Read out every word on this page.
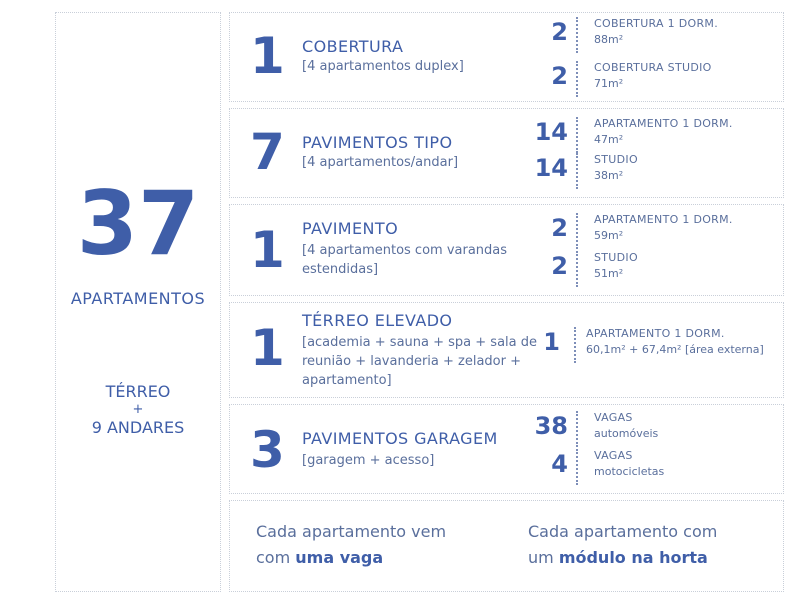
37
APARTAMENTOS
TÉRREO
+
9 ANDARES
1 COBERTURA
[4 apartamentos duplex]
2 COBERTURA 1 DORM.
88m²
2 COBERTURA STUDIO
71m²
7 PAVIMENTOS TIPO
[4 apartamentos/andar]
14 APARTAMENTO 1 DORM.
47m²
14 STUDIO
38m²
1 PAVIMENTO
[4 apartamentos com varandas estendidas]
2 APARTAMENTO 1 DORM.
59m²
2 STUDIO
51m²
1 TÉRREO ELEVADO
[academia + sauna + spa + sala de reunião + lavanderia + zelador + apartamento]
1 APARTAMENTO 1 DORM.
60,1m² + 67,4m² [área externa]
3 PAVIMENTOS GARAGEM
[garagem + acesso]
38 VAGAS
automóveis
4 VAGAS
motocicletas
Cada apartamento vem
com uma vaga
Cada apartamento com
um módulo na horta
